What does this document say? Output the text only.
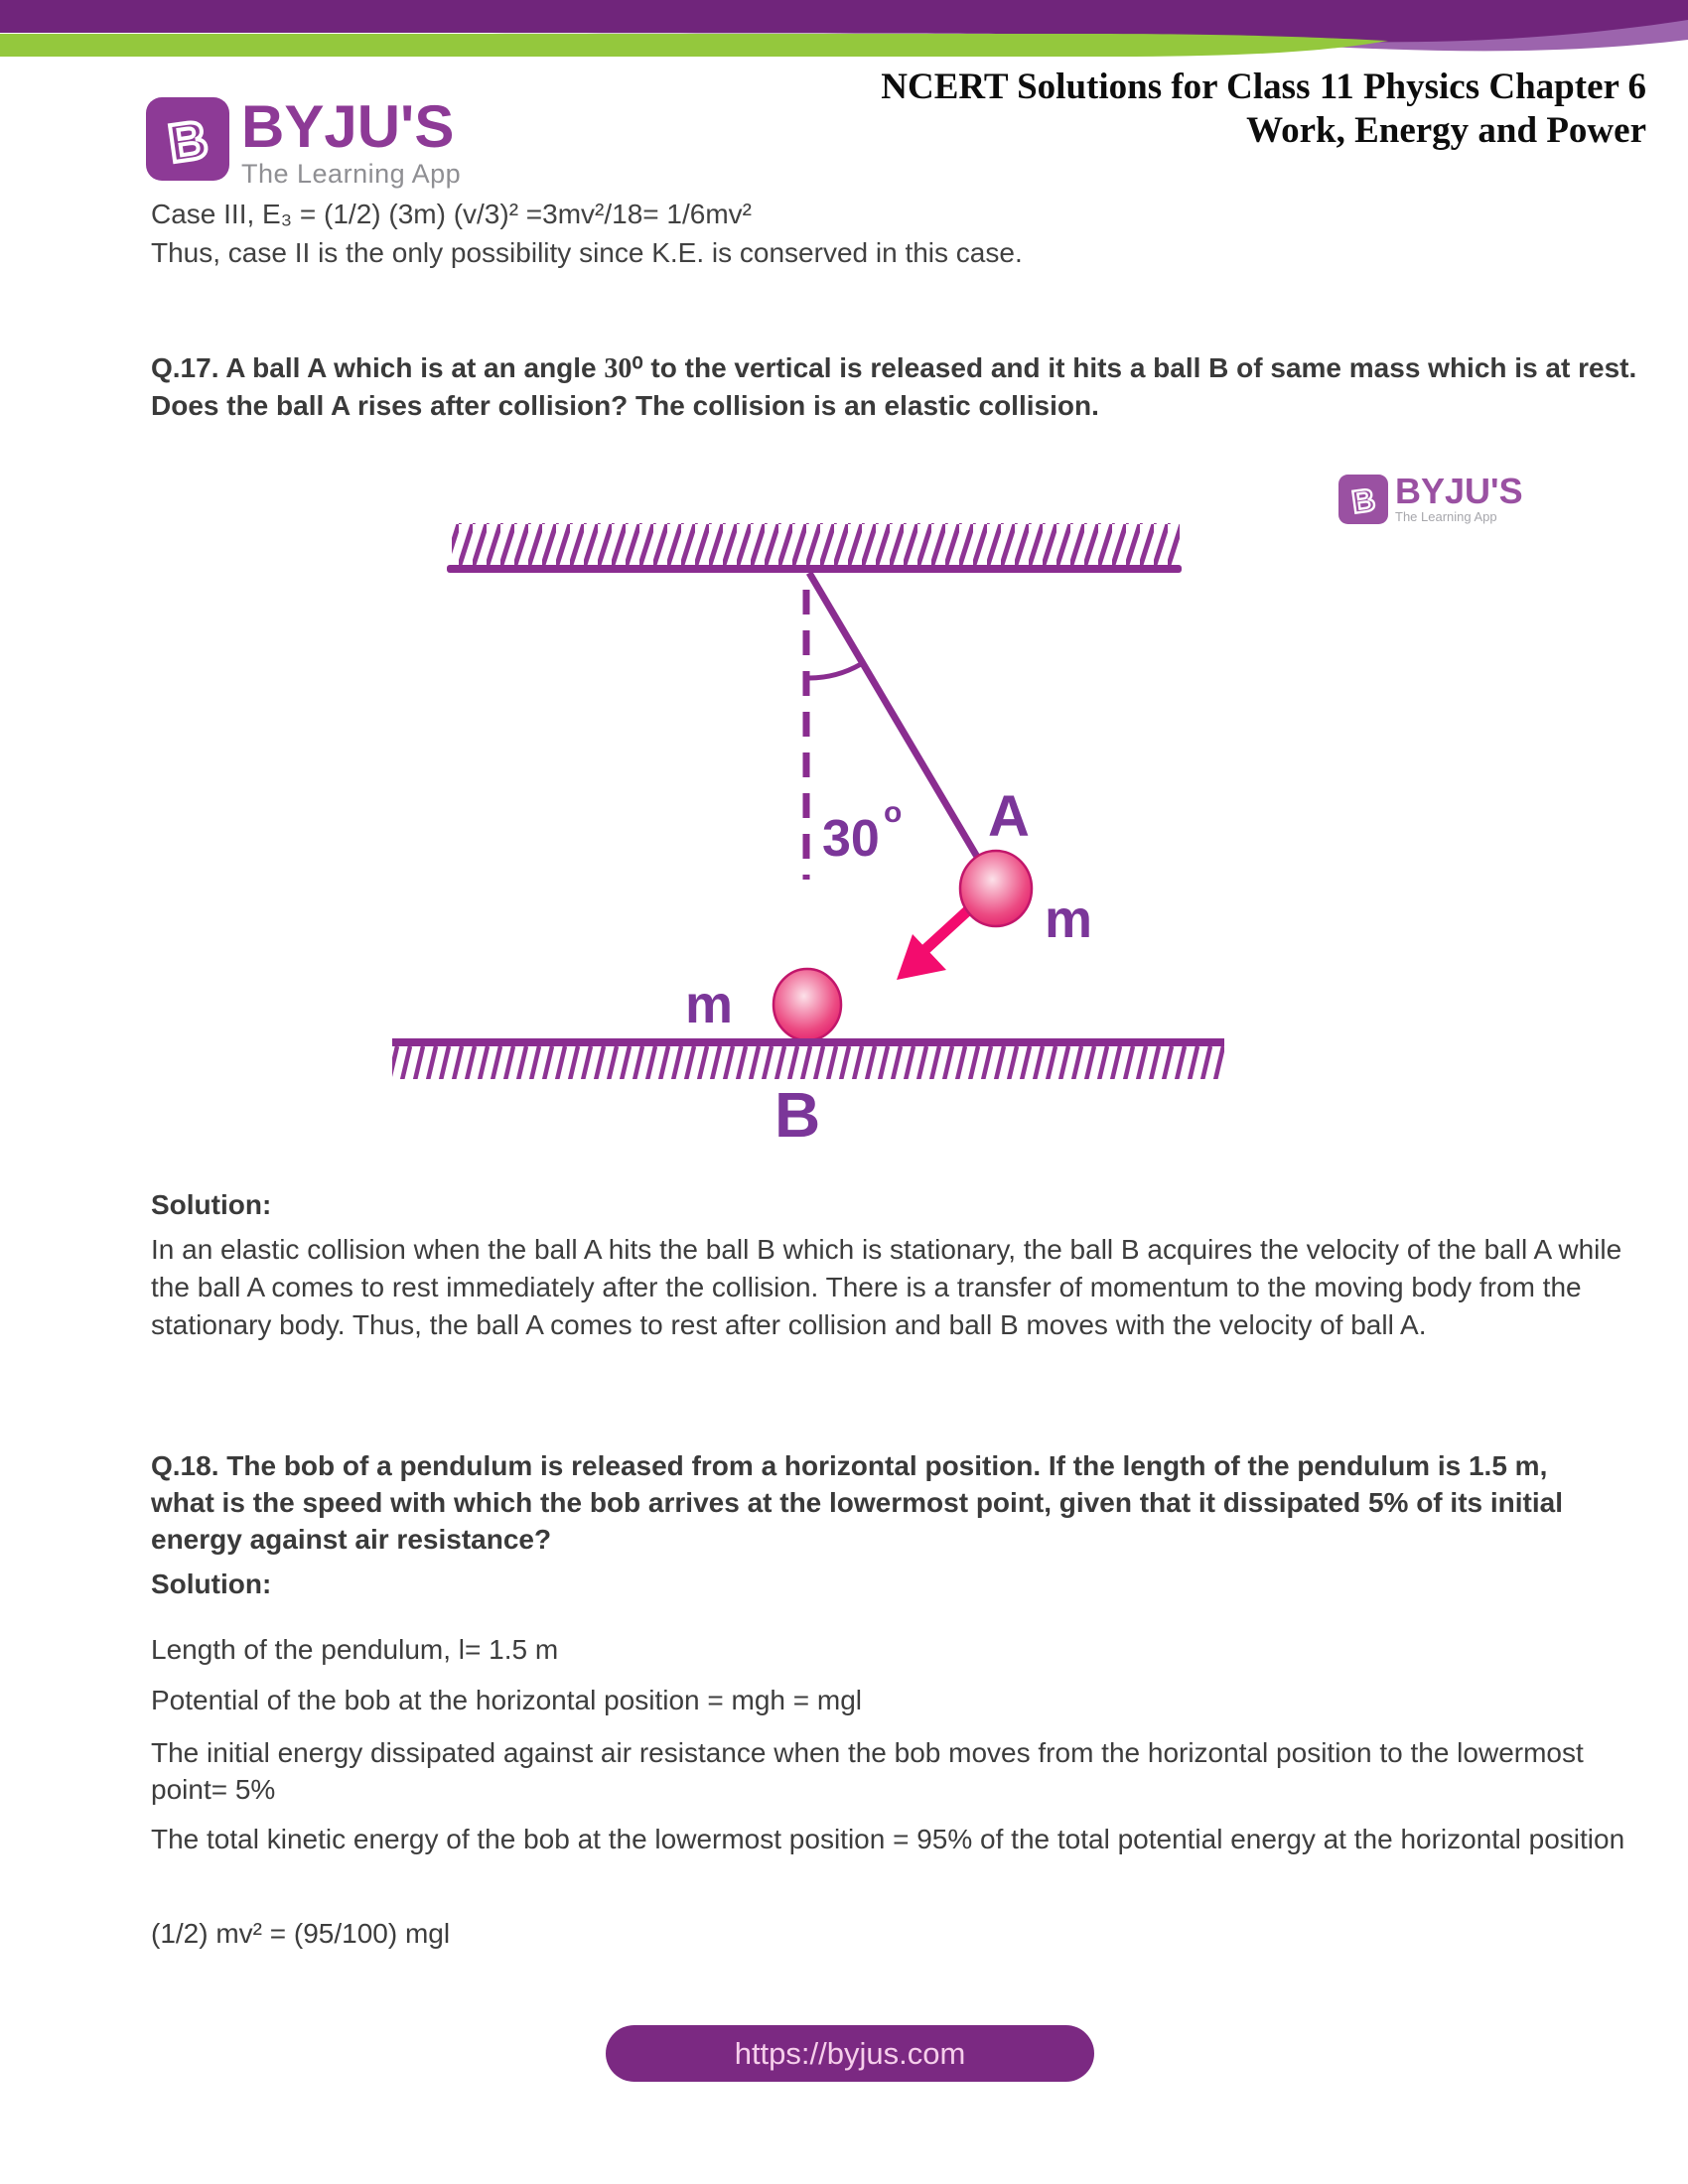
B BYJU'S
The Learning App
NCERT Solutions for Class 11 Physics Chapter 6
Work, Energy and Power
Case III, E₃ = (1/2) (3m) (v/3)² =3mv²/18= 1/6mv²
Thus, case II is the only possibility since K.E. is conserved in this case.
Q.17. A ball A which is at an angle 30⁰ to the vertical is released and it hits a ball B of same mass which is at rest. Does the ball A rises after collision? The collision is an elastic collision.
B BYJU'S
The Learning App
30 o A
m
m
B
Solution:
In an elastic collision when the ball A hits the ball B which is stationary, the ball B acquires the velocity of the ball A while the ball A comes to rest immediately after the collision. There is a transfer of momentum to the moving body from the stationary body. Thus, the ball A comes to rest after collision and ball B moves with the velocity of ball A.
Q.18. The bob of a pendulum is released from a horizontal position. If the length of the pendulum is 1.5 m, what is the speed with which the bob arrives at the lowermost point, given that it dissipated 5% of its initial energy against air resistance?
Solution:
Length of the pendulum, l= 1.5 m
Potential of the bob at the horizontal position = mgh = mgl
The initial energy dissipated against air resistance when the bob moves from the horizontal position to the lowermost point= 5%
The total kinetic energy of the bob at the lowermost position = 95% of the total potential energy at the horizontal position
(1/2) mv² = (95/100) mgl
https://byjus.com
